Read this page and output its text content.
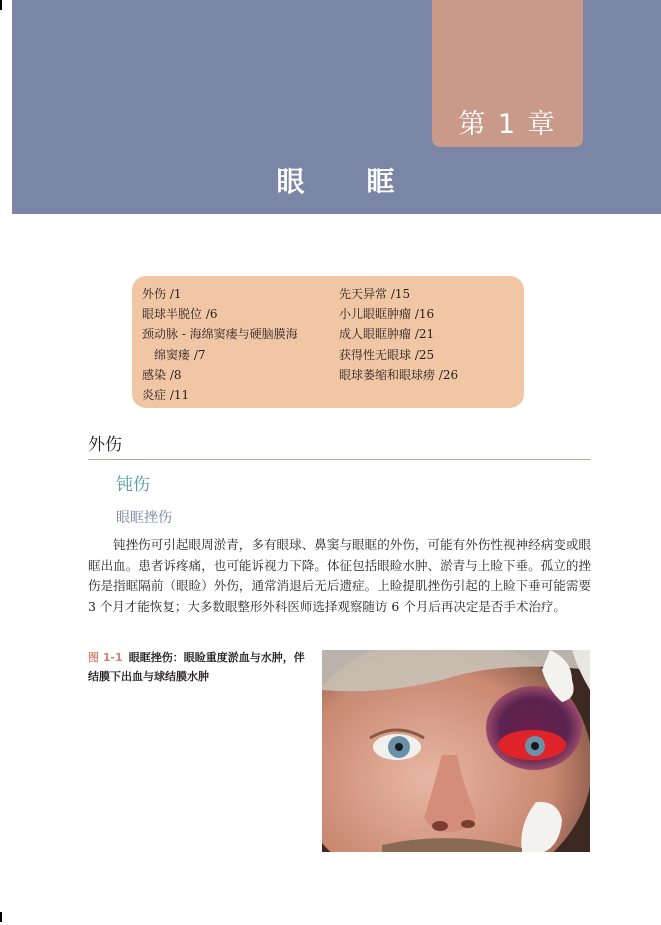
第 1 章
眼　　眶
外伤 /1
眼球半脱位 /6
颈动脉 - 海绵窦瘘与硬脑膜海
绵窦瘘 /7
感染 /8
炎症 /11
先天异常 /15
小儿眼眶肿瘤 /16
成人眼眶肿瘤 /21
获得性无眼球 /25
眼球萎缩和眼球痨 /26
外伤
钝伤
眼眶挫伤
钝挫伤可引起眼周淤青，多有眼球、鼻窦与眼眶的外伤，可能有外伤性视神经病变或眼眶出血。患者诉疼痛，也可能诉视力下降。体征包括眼睑水肿、淤青与上睑下垂。孤立的挫伤是指眶隔前（眼睑）外伤，通常消退后无后遗症。上睑提肌挫伤引起的上睑下垂可能需要 3 个月才能恢复；大多数眼整形外科医师选择观察随访 6 个月后再决定是否手术治疗。
图 1-1 眼眶挫伤：眼睑重度淤血与水肿，伴结膜下出血与球结膜水肿
